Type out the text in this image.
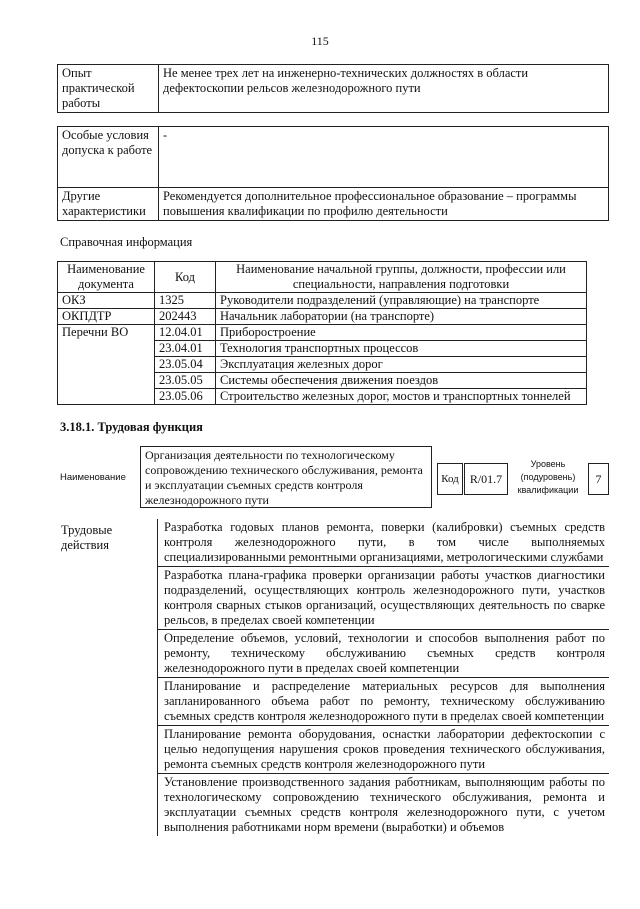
115
Опыт практической работы	Не менее трех лет на инженерно-технических должностях в области дефектоскопии рельсов железнодорожного пути
Особые условия допуска к работе	-
Другие характеристики	Рекомендуется дополнительное профессиональное образование – программы повышения квалификации по профилю деятельности
Справочная информация
Наименование документа	Код	Наименование начальной группы, должности, профессии или специальности, направления подготовки
ОКЗ	1325	Руководители подразделений (управляющие) на транспорте
ОКПДТР	202443	Начальник лаборатории (на транспорте)
Перечни ВО	12.04.01	Приборостроение
	23.04.01	Технология транспортных процессов
	23.05.04	Эксплуатация железных дорог
	23.05.05	Системы обеспечения движения поездов
	23.05.06	Строительство железных дорог, мостов и транспортных тоннелей
3.18.1. Трудовая функция
Наименование
Организация деятельности по технологическому сопровождению технического обслуживания, ремонта и эксплуатации съемных средств контроля железнодорожного пути
Код R/01.7
Уровень (подуровень) квалификации
7
Трудовые действия	Разработка годовых планов ремонта, поверки (калибровки) съемных средств контроля железнодорожного пути, в том числе выполняемых специализированными ремонтными организациями, метрологическими службами
Разработка плана-графика проверки организации работы участков диагностики подразделений, осуществляющих контроль железнодорожного пути, участков контроля сварных стыков организаций, осуществляющих деятельность по сварке рельсов, в пределах своей компетенции
Определение объемов, условий, технологии и способов выполнения работ по ремонту, техническому обслуживанию съемных средств контроля железнодорожного пути в пределах своей компетенции
Планирование и распределение материальных ресурсов для выполнения запланированного объема работ по ремонту, техническому обслуживанию съемных средств контроля железнодорожного пути в пределах своей компетенции
Планирование ремонта оборудования, оснастки лаборатории дефектоскопии с целью недопущения нарушения сроков проведения технического обслуживания, ремонта съемных средств контроля железнодорожного пути
Установление производственного задания работникам, выполняющим работы по технологическому сопровождению технического обслуживания, ремонта и эксплуатации съемных средств контроля железнодорожного пути, с учетом выполнения работниками норм времени (выработки) и объемов
